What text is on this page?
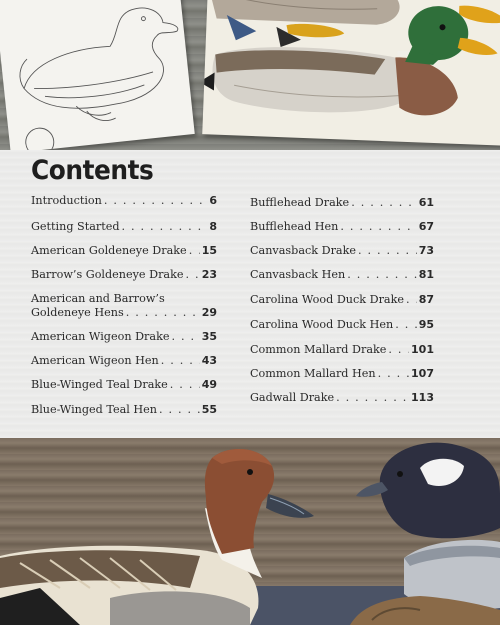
Contents
Introduction . . .	6
Getting Started . . .	8
American Goldeneye Drake . . . 15
Barrow’s Goldeneye Drake . . . 23
American and Barrow’s
Goldeneye Hens . . .	29
American Wigeon Drake . . .	35
American Wigeon Hen . . .	43
Blue-Winged Teal Drake . . .	49
Blue-Winged Teal Hen . . .	55
Bufflehead Drake . . .	61
Bufflehead Hen . . .	67
Canvasback Drake . . .	73
Canvasback Hen . . .	81
Carolina Wood Duck Drake . . . 87
Carolina Wood Duck Hen . . . 95
Common Mallard Drake . . . 101
Common Mallard Hen . . .	107
Gadwall Drake . . .	113
